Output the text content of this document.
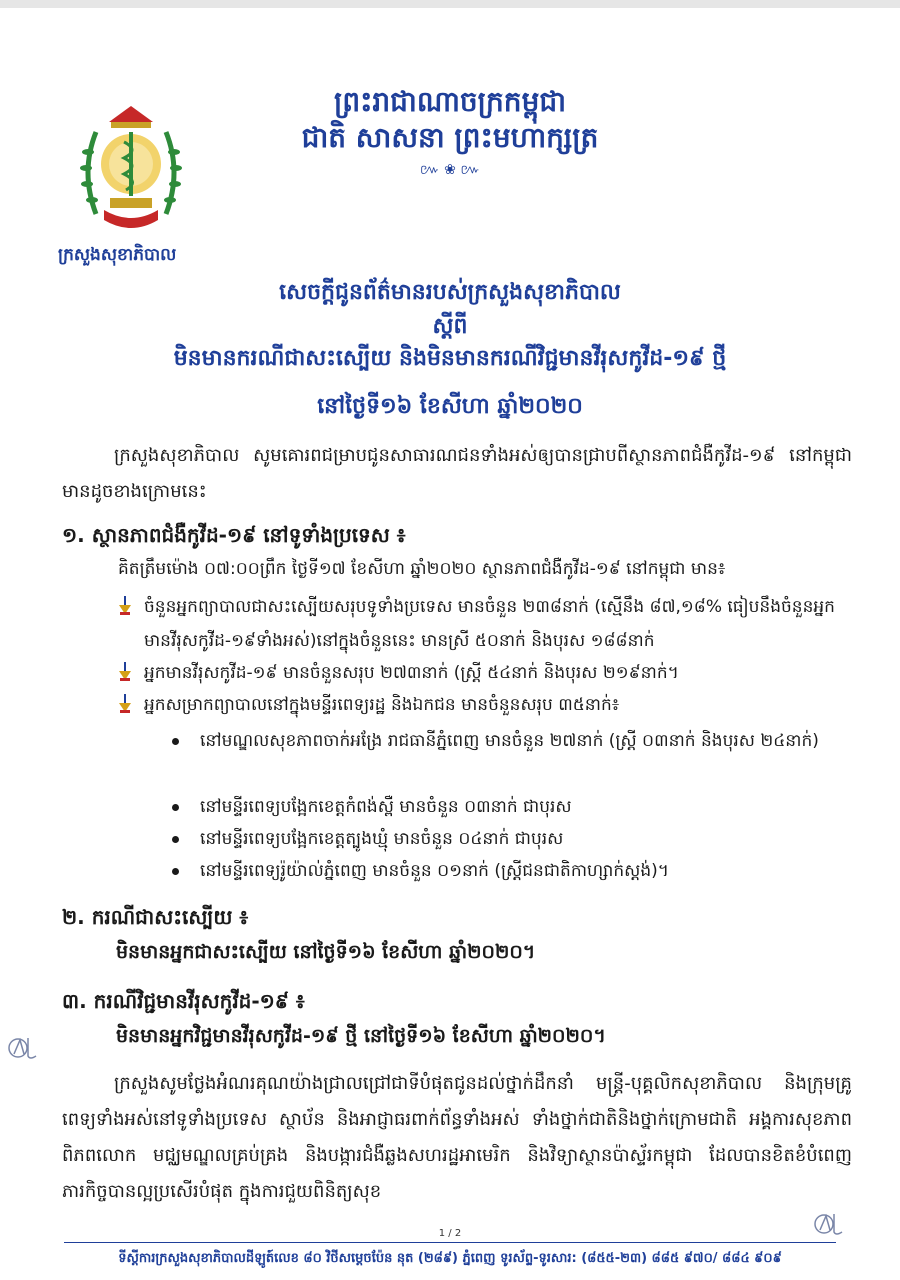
ព្រះរាជាណាចក្រកម្ពុជា
ជាតិ សាសនា ព្រះមហាក្សត្រ
៚ ❀ ៚
ក្រសួងសុខាភិបាល
សេចក្តីជូនព័ត៌មានរបស់ក្រសួងសុខាភិបាល
ស្តីពី
មិនមានករណីជាសះស្បើយ និងមិនមានករណីវិជ្ជមានវីរុសកូវីដ-១៩ ថ្មី
នៅថ្ងៃទី១៦ ខែសីហា ឆ្នាំ២០២០
ក្រសួងសុខាភិបាល សូមគោរពជម្រាបជូនសាធារណជនទាំងអស់ឲ្យបានជ្រាបពីស្ថានភាពជំងឺកូវីដ-១៩ នៅកម្ពុជា មានដូចខាងក្រោមនេះ
១. ស្ថានភាពជំងឺកូវីដ-១៩ នៅទូទាំងប្រទេស ៖
គិតត្រឹមម៉ោង ០៧:០០ព្រឹក ថ្ងៃទី១៧ ខែសីហា ឆ្នាំ២០២០ ស្ថានភាពជំងឺកូវីដ-១៩ នៅកម្ពុជា មាន៖
ចំនួនអ្នកព្យាបាលជាសះស្បើយសរុបទូទាំងប្រទេស មានចំនួន ២៣៨នាក់ (ស្មើនឹង ៨៧,១៨% ធៀបនឹងចំនួនអ្នកមានវីរុសកូវីដ-១៩ទាំងអស់)នៅក្នុងចំនួននេះ មានស្រី ៥០នាក់ និងបុរស ១៨៨នាក់
អ្នកមានវីរុសកូវីដ-១៩ មានចំនួនសរុប ២៧៣នាក់ (ស្ត្រី ៥៤នាក់ និងបុរស ២១៩នាក់។
អ្នកសម្រាកព្យាបាលនៅក្នុងមន្ទីរពេទ្យរដ្ឋ និងឯកជន មានចំនួនសរុប ៣៥នាក់៖
នៅមណ្ឌលសុខភាពចាក់អង្រែ រាជធានីភ្នំពេញ មានចំនួន ២៧នាក់ (ស្ត្រី ០៣នាក់ និងបុរស ២៤នាក់)
នៅមន្ទីរពេទ្យបង្អែកខេត្តកំពង់ស្ពឺ មានចំនួន ០៣នាក់ ជាបុរស
នៅមន្ទីរពេទ្យបង្អែកខេត្តត្បូងឃ្មុំ មានចំនួន ០៤នាក់ ជាបុរស
នៅមន្ទីរពេទ្យរ៉ូយ៉ាល់ភ្នំពេញ មានចំនួន ០១នាក់ (ស្ត្រីជនជាតិកាហ្សាក់ស្តង់)។
២. ករណីជាសះស្បើយ ៖
មិនមានអ្នកជាសះស្បើយ នៅថ្ងៃទី១៦ ខែសីហា ឆ្នាំ២០២០។
៣. ករណីវិជ្ជមានវីរុសកូវីដ-១៩ ៖
មិនមានអ្នកវិជ្ជមានវីរុសកូវីដ-១៩ ថ្មី នៅថ្ងៃទី១៦ ខែសីហា ឆ្នាំ២០២០។
ក្រសួងសូមថ្លែងអំណរគុណយ៉ាងជ្រាលជ្រៅជាទីបំផុតជូនដល់ថ្នាក់ដឹកនាំ មន្ត្រី-បុគ្គលិកសុខាភិបាល និងក្រុមគ្រូពេទ្យទាំងអស់នៅទូទាំងប្រទេស ស្ថាប័ន និងអាជ្ញាធរពាក់ព័ន្ធទាំងអស់ ទាំងថ្នាក់ជាតិនិងថ្នាក់ក្រោមជាតិ អង្គការសុខភាពពិភពលោក មជ្ឈមណ្ឌលគ្រប់គ្រង និងបង្ការជំងឺឆ្លងសហរដ្ឋអាមេរិក និងវិទ្យាស្ថានប៉ាស្ទ័រកម្ពុជា ដែលបានខិតខំបំពេញភារកិច្ចបានល្អប្រសើរបំផុត ក្នុងការជួយពិនិត្យសុខ
1 / 2
ទីស្តីការក្រសួងសុខាភិបាលដីឡូត៍លេខ ៨០ វិថីសម្តេចប៉ែន នុត (២៨៩) ភ្នំពេញ ទូរស័ព្ទ-ទូរសារ: (៨៥៥-២៣) ៨៨៥ ៩៧០/ ៨៨៤ ៩០៩
